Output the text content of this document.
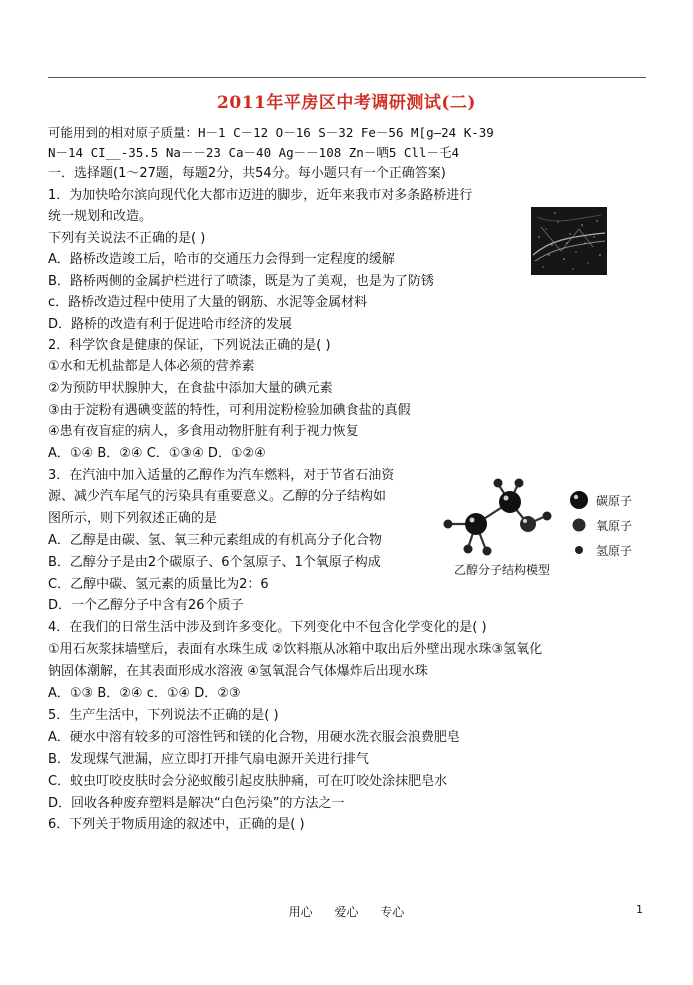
2011年平房区中考调研测试(二)
可能用到的相对原子质量：H－1 C－12 O－16 S－32 Fe－56 M[g—24 K-39
N－14 CI__-35.5 Na－－23 Ca－40 Ag－－108 Zn－哂5 Cll－乇4
一．选择题(1～27题，每题2分，共54分。每小题只有一个正确答案)
1．为加快哈尔滨向现代化大都市迈进的脚步，近年来我市对多条路桥进行
统一规划和改造。
下列有关说法不正确的是( )
A．路桥改造竣工后，哈市的交通压力会得到一定程度的缓解
B．路桥两侧的金属护栏进行了喷漆，既是为了美观，也是为了防锈
c．路桥改造过程中使用了大量的钢筋、水泥等金属材料
D．路桥的改造有利于促进哈市经济的发展
2．科学饮食是健康的保证，下列说法正确的是( )
①水和无机盐都是人体必须的营养素
②为预防甲状腺肿大，在食盐中添加大量的碘元素
③由于淀粉有遇碘变蓝的特性，可利用淀粉检验加碘食盐的真假
④患有夜盲症的病人，多食用动物肝脏有利于视力恢复
A．①④ B．②④ C．①③④ D．①②④
3．在汽油中加入适量的乙醇作为汽车燃料，对于节省石油资
源、减少汽车尾气的污染具有重要意义。乙醇的分子结构如
图所示，则下列叙述正确的是
A．乙醇是由碳、氢、氧三种元素组成的有机高分子化合物
B．乙醇分子是由2个碳原子、6个氢原子、1个氧原子构成
C．乙醇中碳、氢元素的质量比为2：6
D．一个乙醇分子中含有26个质子
4．在我们的日常生活中涉及到许多变化。下列变化中不包含化学变化的是( )
①用石灰浆抹墙壁后，表面有水珠生成 ②饮料瓶从冰箱中取出后外壁出现水珠③氢氧化
钠固体潮解，在其表面形成水溶液 ④氢氧混合气体爆炸后出现水珠
A．①③ B．②④ c．①④ D．②③
5．生产生活中，下列说法不正确的是( )
A．硬水中溶有较多的可溶性钙和镁的化合物，用硬水洗衣服会浪费肥皂
B．发现煤气泄漏，应立即打开排气扇电源开关进行排气
C．蚊虫叮咬皮肤时会分泌蚁酸引起皮肤肿痛，可在叮咬处涂抹肥皂水
D．回收各种废弃塑料是解决“白色污染”的方法之一
6．下列关于物质用途的叙述中，正确的是( )
碳原子
氧原子
氢原子
乙醇分子结构模型
用心 爱心 专心	1
